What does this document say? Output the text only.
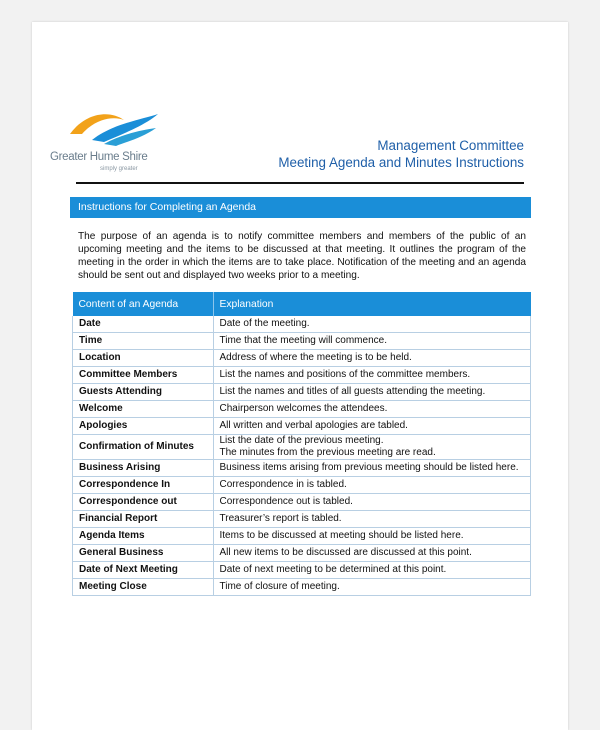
Greater Hume Shire
simply greater
Management Committee
Meeting Agenda and Minutes Instructions
Instructions for Completing an Agenda
The purpose of an agenda is to notify committee members and members of the public of an upcoming meeting and the items to be discussed at that meeting. It outlines the program of the meeting in the order in which the items are to take place. Notification of the meeting and an agenda should be sent out and displayed two weeks prior to a meeting.
Content of an Agenda	Explanation
Date	Date of the meeting.
Time	Time that the meeting will commence.
Location	Address of where the meeting is to be held.
Committee Members	List the names and positions of the committee members.
Guests Attending	List the names and titles of all guests attending the meeting.
Welcome	Chairperson welcomes the attendees.
Apologies	All written and verbal apologies are tabled.
Confirmation of Minutes	List the date of the previous meeting.
The minutes from the previous meeting are read.

Business Arising	Business items arising from previous meeting should be listed here.
Correspondence In	Correspondence in is tabled.
Correspondence out	Correspondence out is tabled.
Financial Report	Treasurer’s report is tabled.
Agenda Items	Items to be discussed at meeting should be listed here.
General Business	All new items to be discussed are discussed at this point.
Date of Next Meeting	Date of next meeting to be determined at this point.
Meeting Close	Time of closure of meeting.
